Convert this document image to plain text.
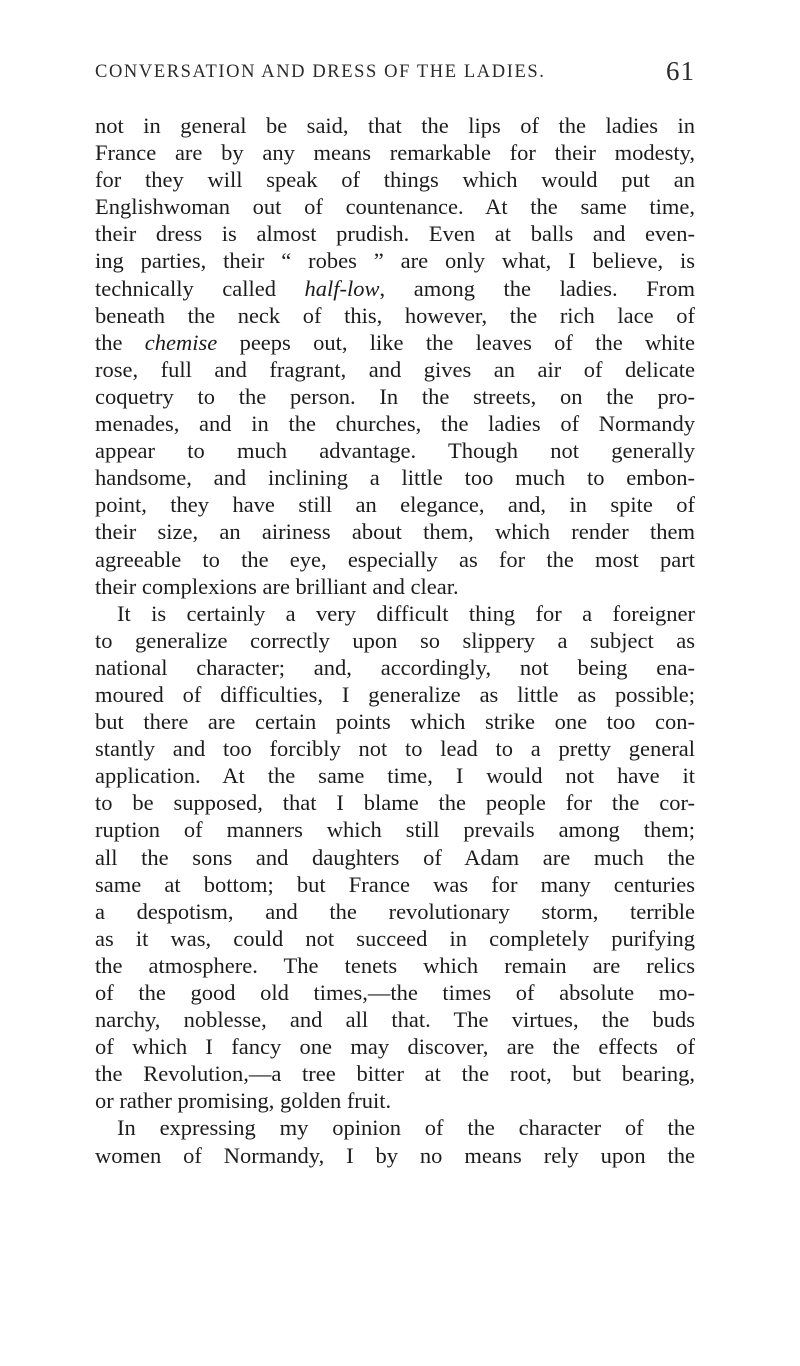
CONVERSATION AND DRESS OF THE LADIES.	61
not in general be said, that the lips of the ladies in
France are by any means remarkable for their modesty,
for they will speak of things which would put an
Englishwoman out of countenance. At the same time,
their dress is almost prudish. Even at balls and even-
ing parties, their “ robes ” are only what, I believe, is
technically called half-low, among the ladies. From
beneath the neck of this, however, the rich lace of
the chemise peeps out, like the leaves of the white
rose, full and fragrant, and gives an air of delicate
coquetry to the person. In the streets, on the pro-
menades, and in the churches, the ladies of Normandy
appear to much advantage. Though not generally
handsome, and inclining a little too much to embon-
point, they have still an elegance, and, in spite of
their size, an airiness about them, which render them
agreeable to the eye, especially as for the most part
their complexions are brilliant and clear.
It is certainly a very difficult thing for a foreigner
to generalize correctly upon so slippery a subject as
national character; and, accordingly, not being ena-
moured of difficulties, I generalize as little as possible;
but there are certain points which strike one too con-
stantly and too forcibly not to lead to a pretty general
application. At the same time, I would not have it
to be supposed, that I blame the people for the cor-
ruption of manners which still prevails among them;
all the sons and daughters of Adam are much the
same at bottom; but France was for many centuries
a despotism, and the revolutionary storm, terrible
as it was, could not succeed in completely purifying
the atmosphere. The tenets which remain are relics
of the good old times,—the times of absolute mo-
narchy, noblesse, and all that. The virtues, the buds
of which I fancy one may discover, are the effects of
the Revolution,—a tree bitter at the root, but bearing,
or rather promising, golden fruit.
In expressing my opinion of the character of the
women of Normandy, I by no means rely upon the
